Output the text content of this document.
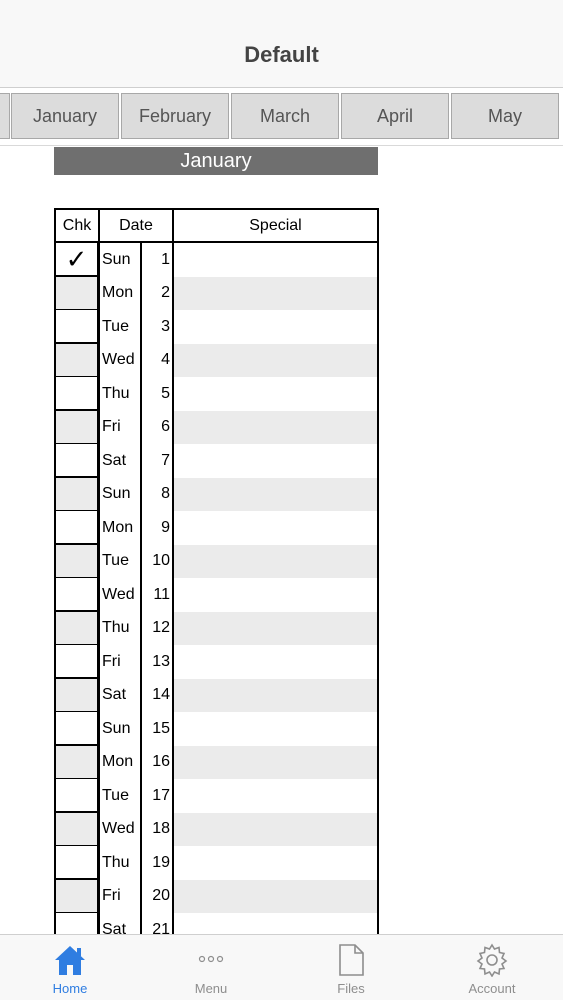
Default
January	February	March	April	May
January
Chk	Date	Special
✓ Sun	1
Mon	2
Tue	3
Wed	4
Thu	5
Fri	6
Sat	7
Sun	8
Mon	9
Tue	10
Wed	11
Thu	12
Fri	13
Sat	14
Sun	15
Mon	16
Tue	17
Wed	18
Thu	19
Fri	20
Sat	21
Home	Menu	Files	Account
